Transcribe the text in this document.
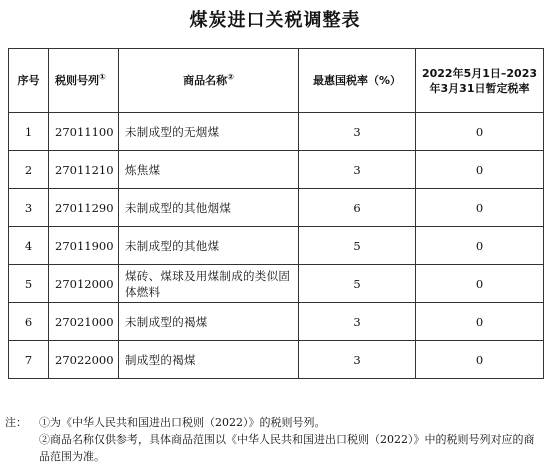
煤炭进口关税调整表
序号	税则号列①	商品名称②	最惠国税率（%）	2022年5月1日–2023年3月31日暂定税率
1	27011100	未制成型的无烟煤	3	0
2	27011210	炼焦煤	3	0
3	27011290	未制成型的其他烟煤	6	0
4	27011900	未制成型的其他煤	5	0
5	27012000	煤砖、煤球及用煤制成的类似固体燃料	5	0
6	27021000	未制成型的褐煤	3	0
7	27022000	制成型的褐煤	3	0
注：	①为《中华人民共和国进出口税则（2022）》的税则号列。
②商品名称仅供参考，具体商品范围以《中华人民共和国进出口税则（2022）》中的税则号列对应的商品范围为准。
